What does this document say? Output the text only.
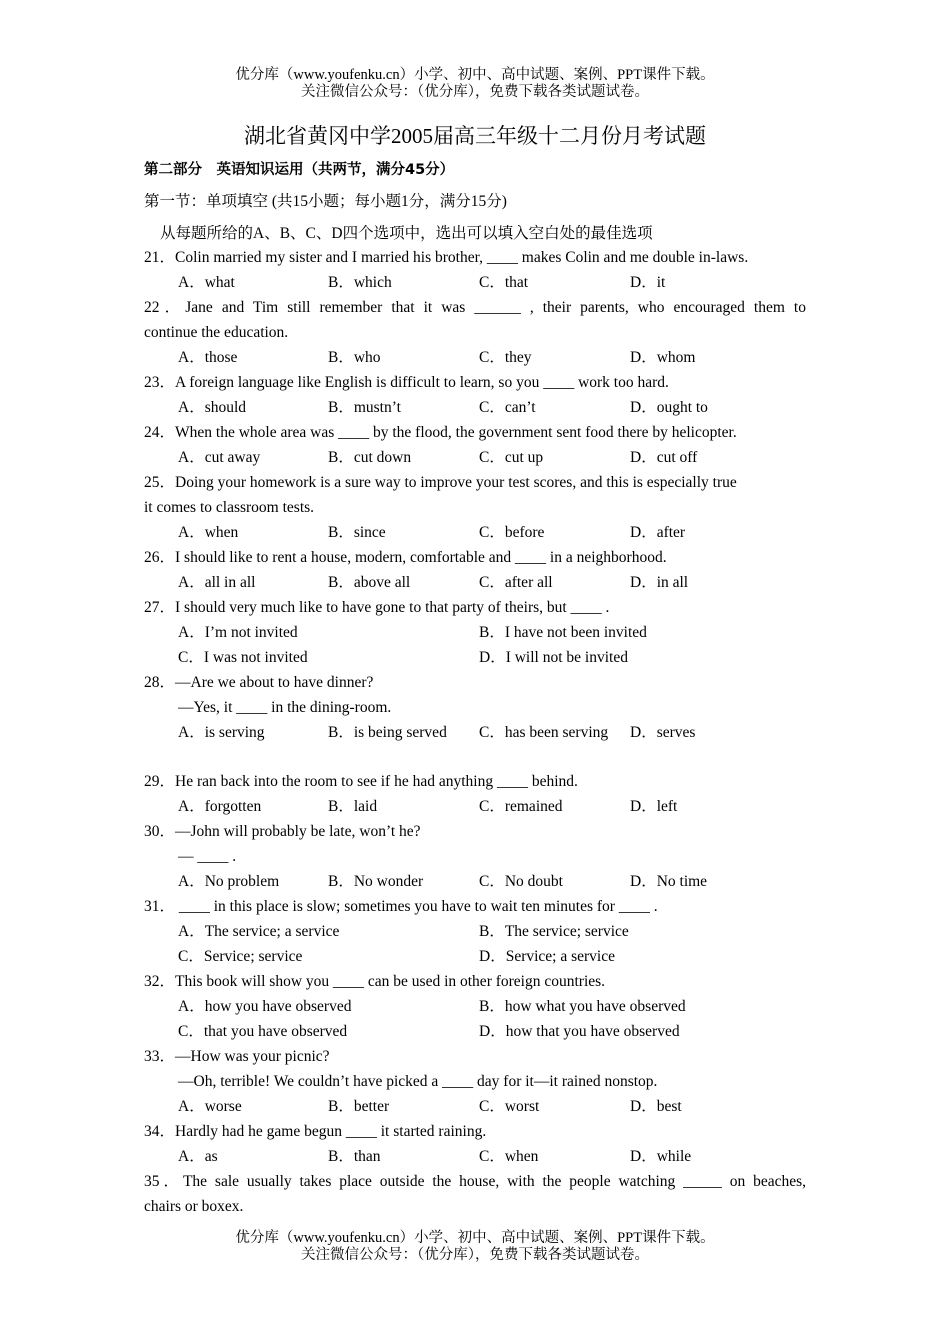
优分库（www.youfenku.cn）小学、初中、高中试题、案例、PPT课件下载。
关注微信公众号：（优分库），免费下载各类试题试卷。
湖北省黄冈中学2005届高三年级十二月份月考试题
第二部分　英语知识运用（共两节，满分45分）
第一节：单项填空 (共15小题；每小题1分，满分15分)
从每题所给的A、B、C、D四个选项中，选出可以填入空白处的最佳选项
21．Colin married my sister and I married his brother, ____ makes Colin and me double in-laws.
A．what	B．which	C．that	D．it
22．Jane and Tim still remember that it was ______ , their parents, who encouraged them to
continue the education.
A．those	B．who	C．they	D．whom
23．A foreign language like English is difficult to learn, so you ____ work too hard.
A．should	B．mustn’t	C．can’t	D．ought to
24．When the whole area was ____ by the flood, the government sent food there by helicopter.
A．cut away	B．cut down	C．cut up	D．cut off
25．Doing your homework is a sure way to improve your test scores, and this is especially true
it comes to classroom tests.
A．when	B．since	C．before	D．after
26．I should like to rent a house, modern, comfortable and ____ in a neighborhood.
A．all in all	B．above all	C．after all	D．in all
27．I should very much like to have gone to that party of theirs, but ____ .
A．I’m not invited	B．I have not been invited
C．I was not invited	D．I will not be invited
28．—Are we about to have dinner?
—Yes, it ____ in the dining-room.
A．is serving	B．is being served C．has been serving D．serves
29．He ran back into the room to see if he had anything ____ behind.
A．forgotten	B．laid	C．remained	D．left
30．—John will probably be late, won’t he?
— ____ .
A．No problem	B．No wonder	C．No doubt	D．No time
31． ____ in this place is slow; sometimes you have to wait ten minutes for ____ .
A．The service; a service	B．The service; service
C．Service; service	D．Service; a service
32．This book will show you ____ can be used in other foreign countries.
A．how you have observed	B．how what you have observed
C．that you have observed	D．how that you have observed
33．—How was your picnic?
—Oh, terrible! We couldn’t have picked a ____ day for it—it rained nonstop.
A．worse	B．better	C．worst	D．best
34．Hardly had he game begun ____ it started raining.
A．as	B．than	C．when	D．while
35．The sale usually takes place outside the house, with the people watching _____ on beaches,
chairs or boxex.
优分库（www.youfenku.cn）小学、初中、高中试题、案例、PPT课件下载。
关注微信公众号：（优分库），免费下载各类试题试卷。
